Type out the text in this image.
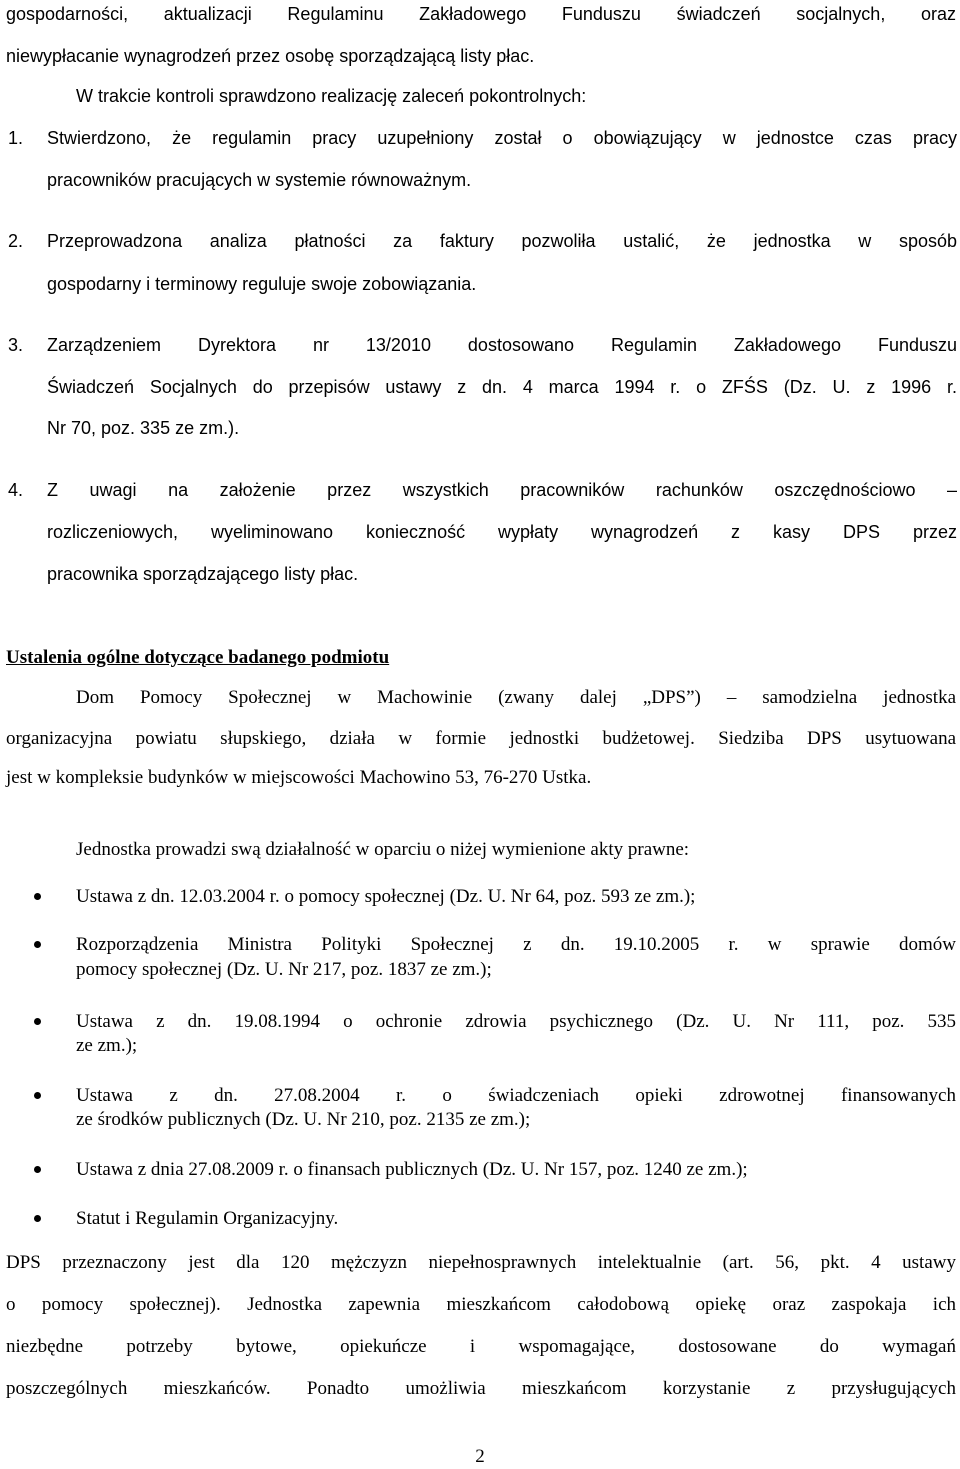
gospodarności, aktualizacji Regulaminu Zakładowego Funduszu świadczeń socjalnych, oraz
niewypłacanie wynagrodzeń przez osobę sporządzającą listy płac.
W trakcie kontroli sprawdzono realizację zaleceń pokontrolnych:
1. Stwierdzono, że regulamin pracy uzupełniony został o obowiązujący w jednostce czas pracy
pracowników pracujących w systemie równoważnym.
2. Przeprowadzona analiza płatności za faktury pozwoliła ustalić, że jednostka w sposób
gospodarny i terminowy reguluje swoje zobowiązania.
3. Zarządzeniem Dyrektora nr 13/2010 dostosowano Regulamin Zakładowego Funduszu
Świadczeń Socjalnych do przepisów ustawy z dn. 4 marca 1994 r. o ZFŚS (Dz. U. z 1996 r.
Nr 70, poz. 335 ze zm.).
4. Z uwagi na założenie przez wszystkich pracowników rachunków oszczędnościowo –
rozliczeniowych, wyeliminowano konieczność wypłaty wynagrodzeń z kasy DPS przez
pracownika sporządzającego listy płac.
Ustalenia ogólne dotyczące badanego podmiotu
Dom Pomocy Społecznej w Machowinie (zwany dalej „DPS”) – samodzielna jednostka
organizacyjna powiatu słupskiego, działa w formie jednostki budżetowej. Siedziba DPS usytuowana
jest w kompleksie budynków w miejscowości Machowino 53, 76-270 Ustka.
Jednostka prowadzi swą działalność w oparciu o niżej wymienione akty prawne:
Ustawa z dn. 12.03.2004 r. o pomocy społecznej (Dz. U. Nr 64, poz. 593 ze zm.);
Rozporządzenia Ministra Polityki Społecznej z dn. 19.10.2005 r. w sprawie domów
pomocy społecznej (Dz. U. Nr 217, poz. 1837 ze zm.);
Ustawa z dn. 19.08.1994 o ochronie zdrowia psychicznego (Dz. U. Nr 111, poz. 535
ze zm.);
Ustawa z dn. 27.08.2004 r. o świadczeniach opieki zdrowotnej finansowanych
ze środków publicznych (Dz. U. Nr 210, poz. 2135 ze zm.);
Ustawa z dnia 27.08.2009 r. o finansach publicznych (Dz. U. Nr 157, poz. 1240 ze zm.);
Statut i Regulamin Organizacyjny.
DPS przeznaczony jest dla 120 mężczyzn niepełnosprawnych intelektualnie (art. 56, pkt. 4 ustawy
o pomocy społecznej). Jednostka zapewnia mieszkańcom całodobową opiekę oraz zaspokaja ich
niezbędne potrzeby bytowe, opiekuńcze i wspomagające, dostosowane do wymagań
poszczególnych mieszkańców. Ponadto umożliwia mieszkańcom korzystanie z przysługujących
2
